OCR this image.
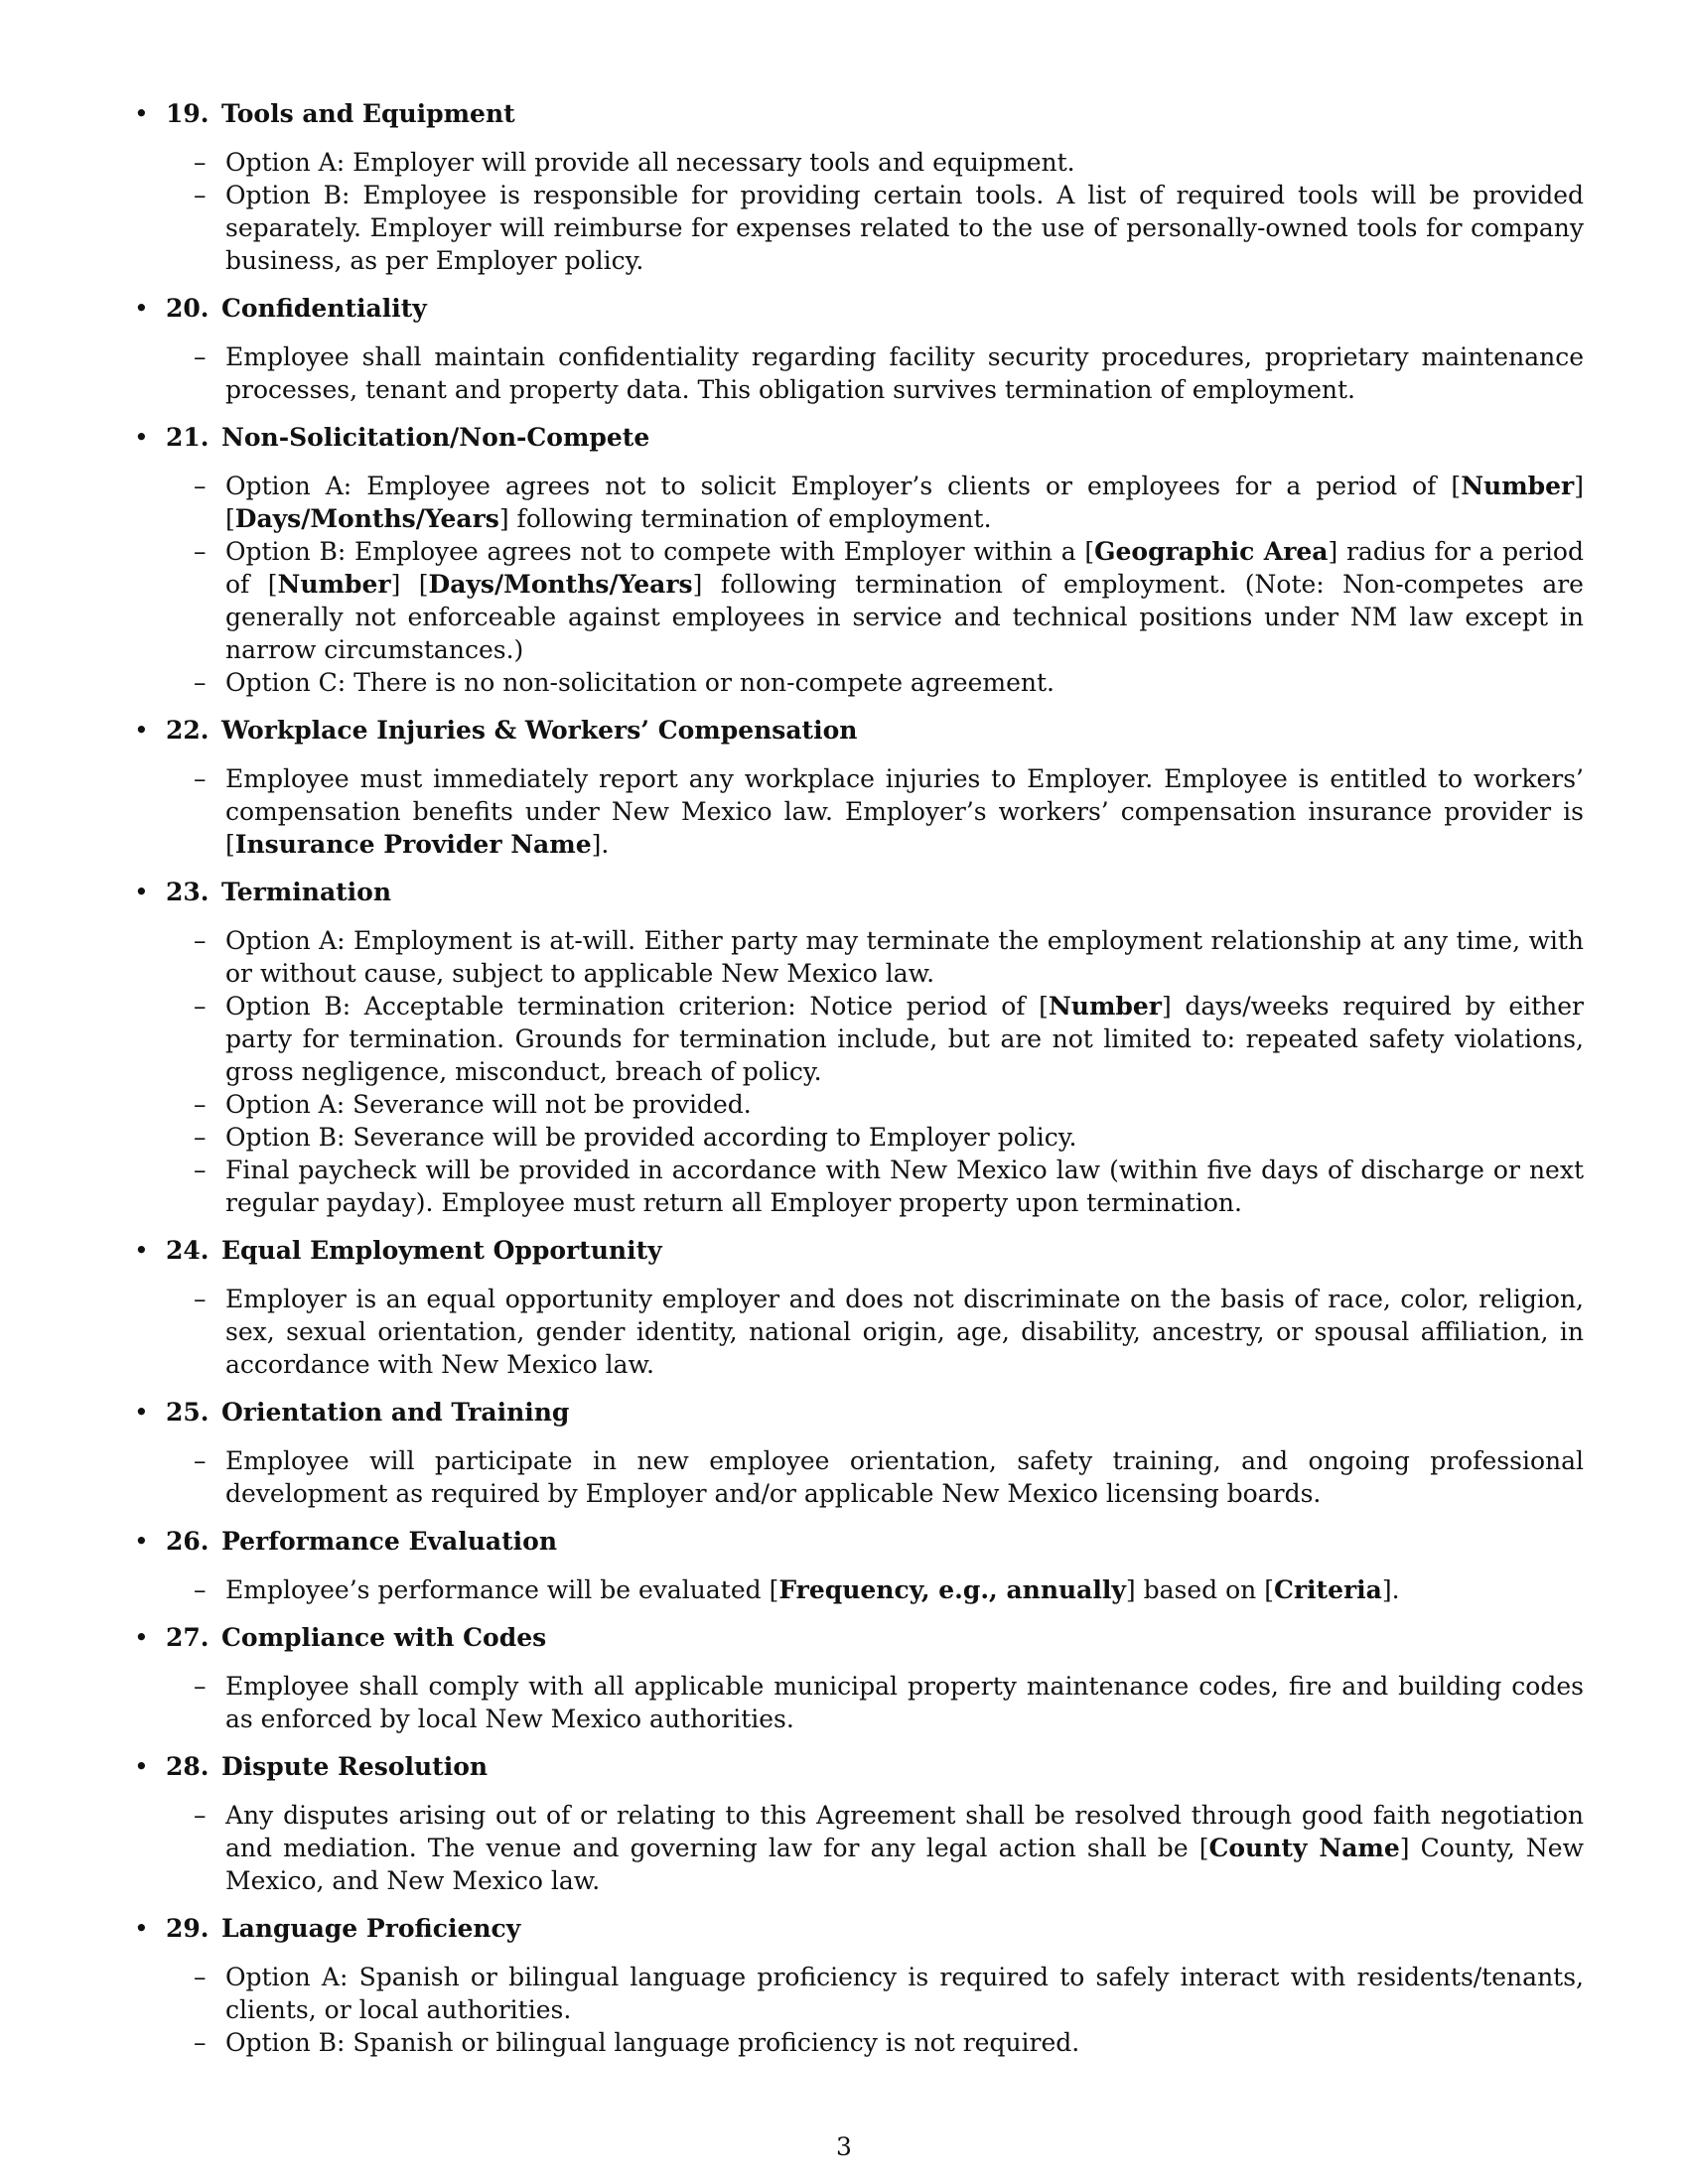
• 19. Tools and Equipment
– Option A: Employer will provide all necessary tools and equipment.
– Option B: Employee is responsible for providing certain tools. A list of required tools will be provided separately. Employer will reimburse for expenses related to the use of personally-owned tools for company business, as per Employer policy.
• 20. Confidentiality
– Employee shall maintain confidentiality regarding facility security procedures, proprietary maintenance processes, tenant and property data. This obligation survives termination of employment.
• 21. Non-Solicitation/Non-Compete
– Option A: Employee agrees not to solicit Employer’s clients or employees for a period of [Number] [Days/Months/Years] following termination of employment.
– Option B: Employee agrees not to compete with Employer within a [Geographic Area] radius for a period of [Number] [Days/Months/Years] following termination of employment. (Note: Non-competes are generally not enforceable against employees in service and technical positions under NM law except in narrow circumstances.)
– Option C: There is no non-solicitation or non-compete agreement.
• 22. Workplace Injuries & Workers’ Compensation
– Employee must immediately report any workplace injuries to Employer. Employee is entitled to workers’ compensation benefits under New Mexico law. Employer’s workers’ compensation insurance provider is [Insurance Provider Name].
• 23. Termination
– Option A: Employment is at-will. Either party may terminate the employment relationship at any time, with or without cause, subject to applicable New Mexico law.
– Option B: Acceptable termination criterion: Notice period of [Number] days/weeks required by either party for termination. Grounds for termination include, but are not limited to: repeated safety violations, gross negligence, misconduct, breach of policy.
– Option A: Severance will not be provided.
– Option B: Severance will be provided according to Employer policy.
– Final paycheck will be provided in accordance with New Mexico law (within five days of discharge or next regular payday). Employee must return all Employer property upon termination.
• 24. Equal Employment Opportunity
– Employer is an equal opportunity employer and does not discriminate on the basis of race, color, religion, sex, sexual orientation, gender identity, national origin, age, disability, ancestry, or spousal affiliation, in accordance with New Mexico law.
• 25. Orientation and Training
– Employee will participate in new employee orientation, safety training, and ongoing professional development as required by Employer and/or applicable New Mexico licensing boards.
• 26. Performance Evaluation
– Employee’s performance will be evaluated [Frequency, e.g., annually] based on [Criteria].
• 27. Compliance with Codes
– Employee shall comply with all applicable municipal property maintenance codes, fire and building codes as enforced by local New Mexico authorities.
• 28. Dispute Resolution
– Any disputes arising out of or relating to this Agreement shall be resolved through good faith negotiation and mediation. The venue and governing law for any legal action shall be [County Name] County, New Mexico, and New Mexico law.
• 29. Language Proficiency
– Option A: Spanish or bilingual language proficiency is required to safely interact with residents/tenants, clients, or local authorities.
– Option B: Spanish or bilingual language proficiency is not required.
3
